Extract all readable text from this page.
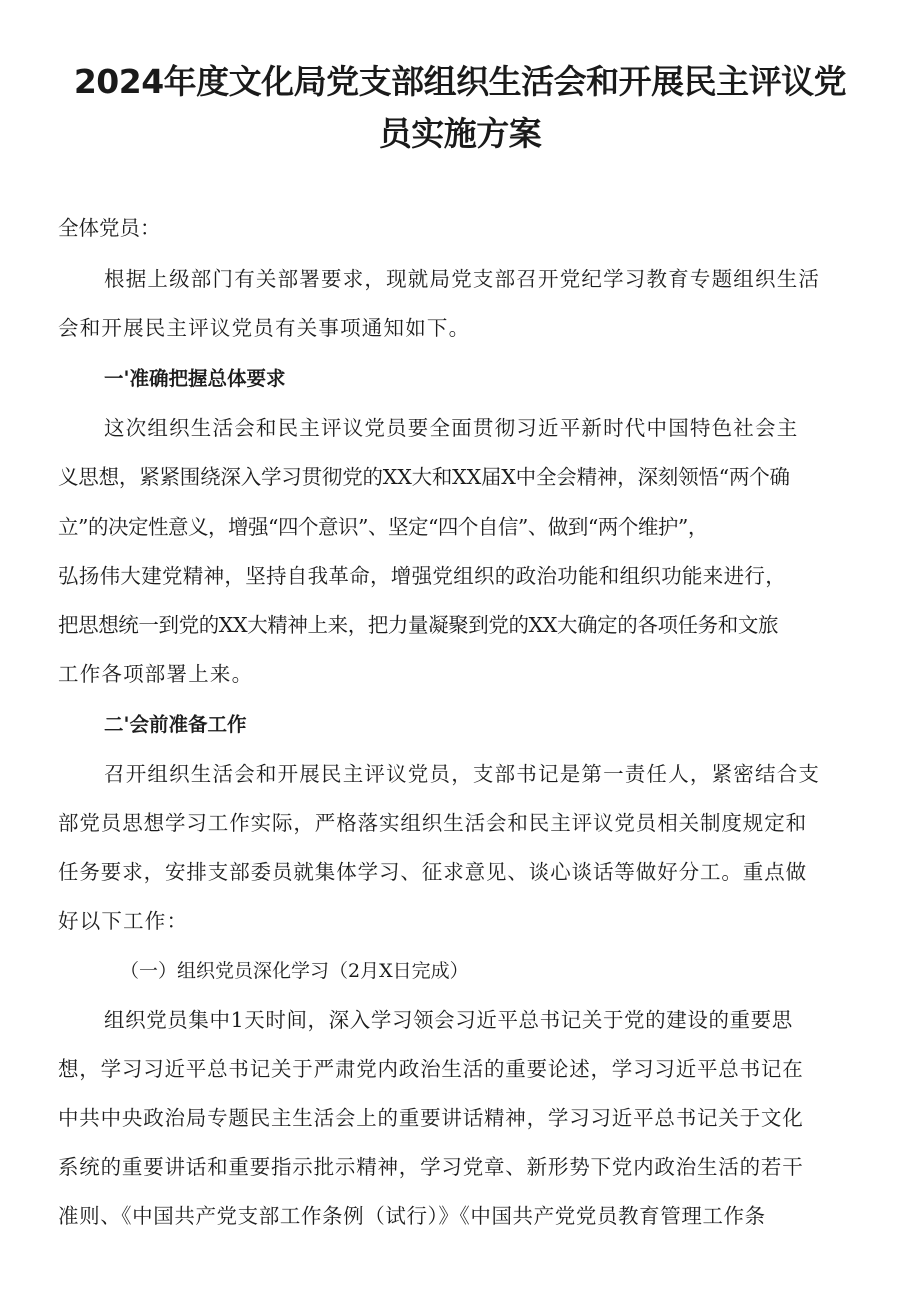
2024年度文化局党支部组织生活会和开展民主评议党
员实施方案
全体党员：
根据上级部门有关部署要求，现就局党支部召开党纪学习教育专题组织生活
会和开展民主评议党员有关事项通知如下。
一'准确把握总体要求
这次组织生活会和民主评议党员要全面贯彻习近平新时代中国特色社会主
义思想，紧紧围绕深入学习贯彻党的XX大和XX届X中全会精神，深刻领悟“两个确
立”的决定性意义，增强“四个意识”、坚定“四个自信”、做到“两个维护”，
弘扬伟大建党精神，坚持自我革命，增强党组织的政治功能和组织功能来进行，
把思想统一到党的XX大精神上来，把力量凝聚到党的XX大确定的各项任务和文旅
工作各项部署上来。
二'会前准备工作
召开组织生活会和开展民主评议党员，支部书记是第一责任人，紧密结合支
部党员思想学习工作实际，严格落实组织生活会和民主评议党员相关制度规定和
任务要求，安排支部委员就集体学习、征求意见、谈心谈话等做好分工。重点做
好以下工作：
（一）组织党员深化学习（2月X日完成）
组织党员集中1天时间，深入学习领会习近平总书记关于党的建设的重要思
想，学习习近平总书记关于严肃党内政治生活的重要论述，学习习近平总书记在
中共中央政治局专题民主生活会上的重要讲话精神，学习习近平总书记关于文化
系统的重要讲话和重要指示批示精神，学习党章、新形势下党内政治生活的若干
准则、《中国共产党支部工作条例（试行）》《中国共产党党员教育管理工作条
